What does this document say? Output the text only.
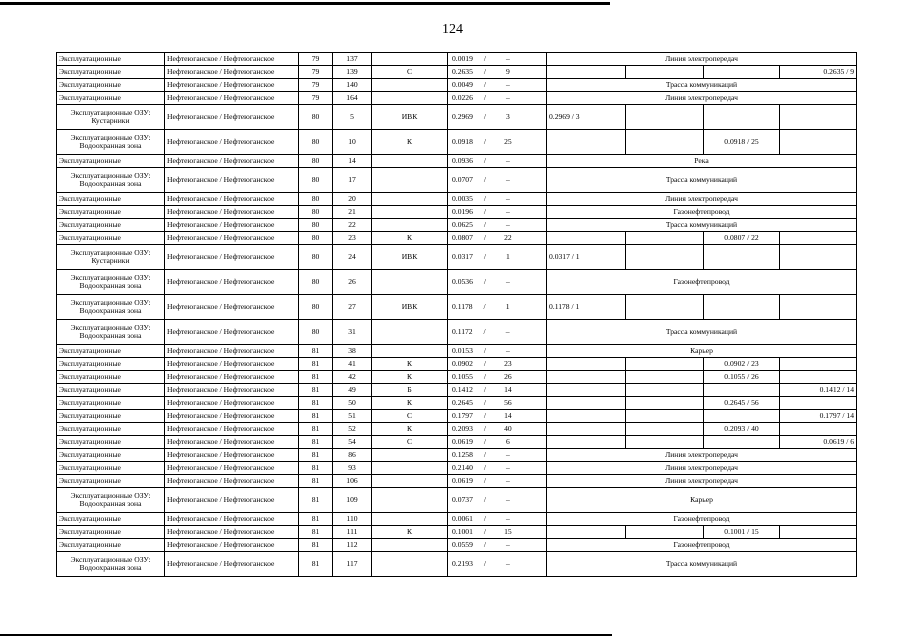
124
Эксплуатационные	Нефтеюганское / Нефтеюганское	79	137		0.0019 / –	Линия электропередач			
Эксплуатационные	Нефтеюганское / Нефтеюганское	79	139	С	0.2635 / 9				0.2635 / 9
Эксплуатационные	Нефтеюганское / Нефтеюганское	79	140		0.0049 / –	Трасса коммуникаций			
Эксплуатационные	Нефтеюганское / Нефтеюганское	79	164		0.0226 / –	Линия электропередач			
Эксплуатационные ОЗУ: Кустарники	Нефтеюганское / Нефтеюганское	80	5	ИВК	0.2969 / 3	0.2969 / 3			
Эксплуатационные ОЗУ: Водоохранная зона	Нефтеюганское / Нефтеюганское	80	10	К	0.0918 / 25			0.0918 / 25	
Эксплуатационные	Нефтеюганское / Нефтеюганское	80	14		0.0936 / –	Река			
Эксплуатационные ОЗУ: Водоохранная зона	Нефтеюганское / Нефтеюганское	80	17		0.0707 / –	Трасса коммуникаций			
Эксплуатационные	Нефтеюганское / Нефтеюганское	80	20		0.0035 / –	Линия электропередач			
Эксплуатационные	Нефтеюганское / Нефтеюганское	80	21		0.0196 / –	Газонефтепровод			
Эксплуатационные	Нефтеюганское / Нефтеюганское	80	22		0.0625 / –	Трасса коммуникаций			
Эксплуатационные	Нефтеюганское / Нефтеюганское	80	23	К	0.0807 / 22			0.0807 / 22	
Эксплуатационные ОЗУ: Кустарники	Нефтеюганское / Нефтеюганское	80	24	ИВК	0.0317 / 1	0.0317 / 1			
Эксплуатационные ОЗУ: Водоохранная зона	Нефтеюганское / Нефтеюганское	80	26		0.0536 / –	Газонефтепровод			
Эксплуатационные ОЗУ: Водоохранная зона	Нефтеюганское / Нефтеюганское	80	27	ИВК	0.1178 / 1	0.1178 / 1			
Эксплуатационные ОЗУ: Водоохранная зона	Нефтеюганское / Нефтеюганское	80	31		0.1172 / –	Трасса коммуникаций			
Эксплуатационные	Нефтеюганское / Нефтеюганское	81	38		0.0153 / –	Карьер			
Эксплуатационные	Нефтеюганское / Нефтеюганское	81	41	К	0.0902 / 23			0.0902 / 23	
Эксплуатационные	Нефтеюганское / Нефтеюганское	81	42	К	0.1055 / 26			0.1055 / 26	
Эксплуатационные	Нефтеюганское / Нефтеюганское	81	49	Б	0.1412 / 14				0.1412 / 14
Эксплуатационные	Нефтеюганское / Нефтеюганское	81	50	К	0.2645 / 56			0.2645 / 56	
Эксплуатационные	Нефтеюганское / Нефтеюганское	81	51	С	0.1797 / 14				0.1797 / 14
Эксплуатационные	Нефтеюганское / Нефтеюганское	81	52	К	0.2093 / 40			0.2093 / 40	
Эксплуатационные	Нефтеюганское / Нефтеюганское	81	54	С	0.0619 / 6				0.0619 / 6
Эксплуатационные	Нефтеюганское / Нефтеюганское	81	86		0.1258 / –	Линия электропередач			
Эксплуатационные	Нефтеюганское / Нефтеюганское	81	93		0.2140 / –	Линия электропередач			
Эксплуатационные	Нефтеюганское / Нефтеюганское	81	106		0.0619 / –	Линия электропередач			
Эксплуатационные ОЗУ: Водоохранная зона	Нефтеюганское / Нефтеюганское	81	109		0.0737 / –	Карьер			
Эксплуатационные	Нефтеюганское / Нефтеюганское	81	110		0.0061 / –	Газонефтепровод			
Эксплуатационные	Нефтеюганское / Нефтеюганское	81	111	К	0.1001 / 15			0.1001 / 15	
Эксплуатационные	Нефтеюганское / Нефтеюганское	81	112		0.0559 / –	Газонефтепровод			
Эксплуатационные ОЗУ: Водоохранная зона	Нефтеюганское / Нефтеюганское	81	117		0.2193 / –	Трасса коммуникаций			
